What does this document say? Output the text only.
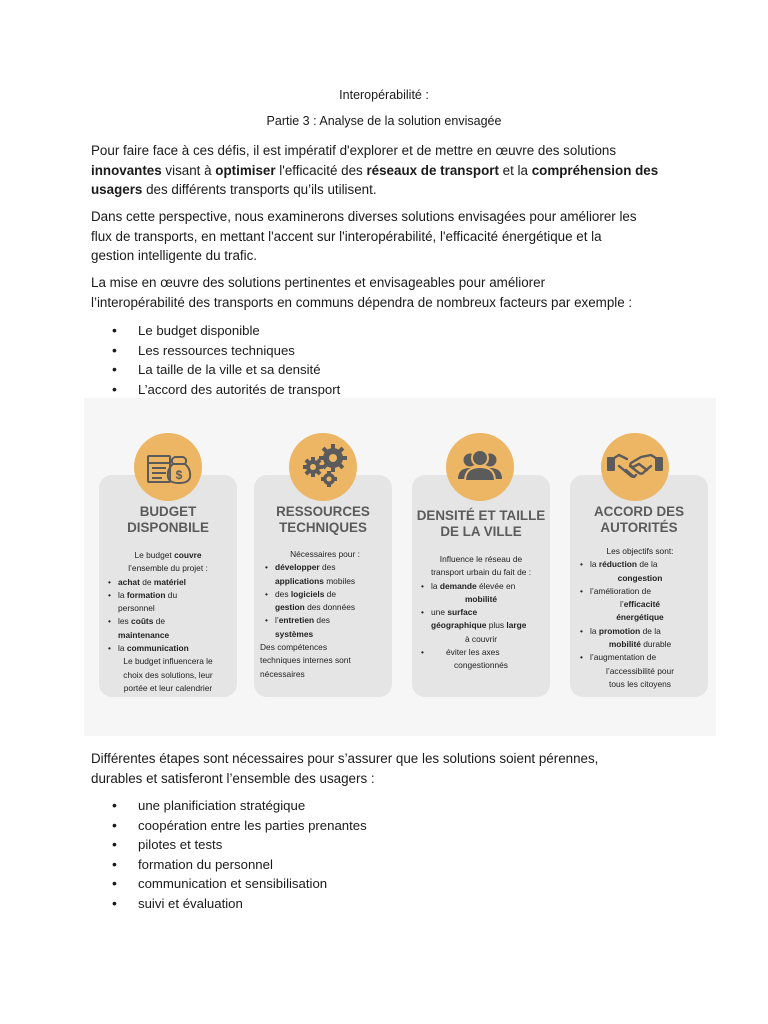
Interopérabilité :
Partie 3 : Analyse de la solution envisagée
Pour faire face à ces défis, il est impératif d'explorer et de mettre en œuvre des solutions
innovantes visant à optimiser l'efficacité des réseaux de transport et la compréhension des
usagers des différents transports qu’ils utilisent.
Dans cette perspective, nous examinerons diverses solutions envisagées pour améliorer les
flux de transports, en mettant l'accent sur l'interopérabilité, l'efficacité énergétique et la
gestion intelligente du trafic.
La mise en œuvre des solutions pertinentes et envisageables pour améliorer
l’interopérabilité des transports en communs dépendra de nombreux facteurs par exemple :
• Le budget disponible
• Les ressources techniques
• La taille de la ville et sa densité
• L’accord des autorités de transport
$
BUDGET
DISPONBILE
Le budget couvre
l’ensemble du projet :
• achat de matériel
• la formation du
personnel
• les coûts de
maintenance
• la communication
Le budget influencera le
choix des solutions, leur
portée et leur calendrier
RESSOURCES
TECHNIQUES
Nécessaires pour :
• développer des
applications mobiles
• des logiciels de
gestion des données
• l’entretien des
systèmes
Des compétences
techniques internes sont
nécessaires
DENSITÉ ET TAILLE
DE LA VILLE
Influence le réseau de
transport urbain du fait de :
• la demande élevée en
mobilité
• une surface
géographique plus large
à couvrir
• éviter les axes
congestionnés
ACCORD DES
AUTORITÉS
Les objectifs sont:
• la réduction de la
congestion
• l’amélioration de
l’efficacité
énergétique
• la promotion de la
mobilité durable
• l’augmentation de
l’accessibilité pour
tous les citoyens
Différentes étapes sont nécessaires pour s’assurer que les solutions soient pérennes,
durables et satisferont l’ensemble des usagers :
• une planificiation stratégique
• coopération entre les parties prenantes
• pilotes et tests
• formation du personnel
• communication et sensibilisation
• suivi et évaluation
